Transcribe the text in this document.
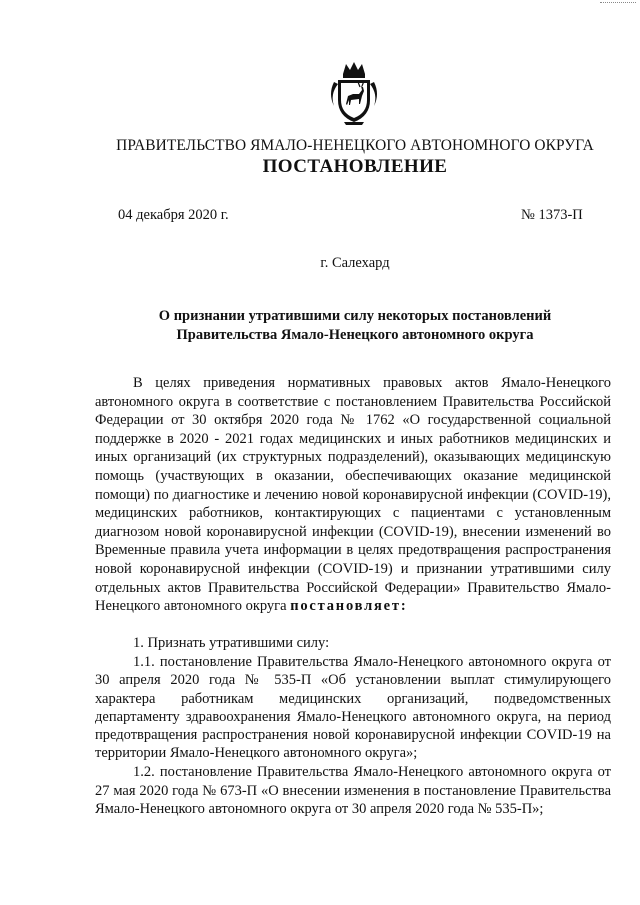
ПРАВИТЕЛЬСТВО ЯМАЛО-НЕНЕЦКОГО АВТОНОМНОГО ОКРУГА
ПОСТАНОВЛЕНИЕ
04 декабря 2020 г.	№ 1373-П
г. Салехард
О признании утратившими силу некоторых постановлений
Правительства Ямало-Ненецкого автономного округа

В целях приведения нормативных правовых актов Ямало-Ненецкого автономного округа в соответствие с постановлением Правительства Российской Федерации от 30 октября 2020 года № 1762 «О государственной социальной поддержке в 2020 - 2021 годах медицинских и иных работников медицинских и иных организаций (их структурных подразделений), оказывающих медицинскую помощь (участвующих в оказании, обеспечивающих оказание медицинской помощи) по диагностике и лечению новой коронавирусной инфекции (COVID-19), медицинских работников, контактирующих с пациентами с установленным диагнозом новой коронавирусной инфекции (COVID-19), внесении изменений во Временные правила учета информации в целях предотвращения распространения новой коронавирусной инфекции (COVID-19) и признании утратившими силу отдельных актов Правительства Российской Федерации» Правительство Ямало-Ненецкого автономного округа постановляет:

1. Признать утратившими силу:

1.1. постановление Правительства Ямало-Ненецкого автономного округа от 30 апреля 2020 года № 535-П «Об установлении выплат стимулирующего характера работникам медицинских организаций, подведомственных департаменту здравоохранения Ямало-Ненецкого автономного округа, на период предотвращения распространения новой коронавирусной инфекции COVID-19 на территории Ямало-Ненецкого автономного округа»;

1.2. постановление Правительства Ямало-Ненецкого автономного округа от 27 мая 2020 года № 673-П «О внесении изменения в постановление Правительства Ямало-Ненецкого автономного округа от 30 апреля 2020 года № 535-П»;
